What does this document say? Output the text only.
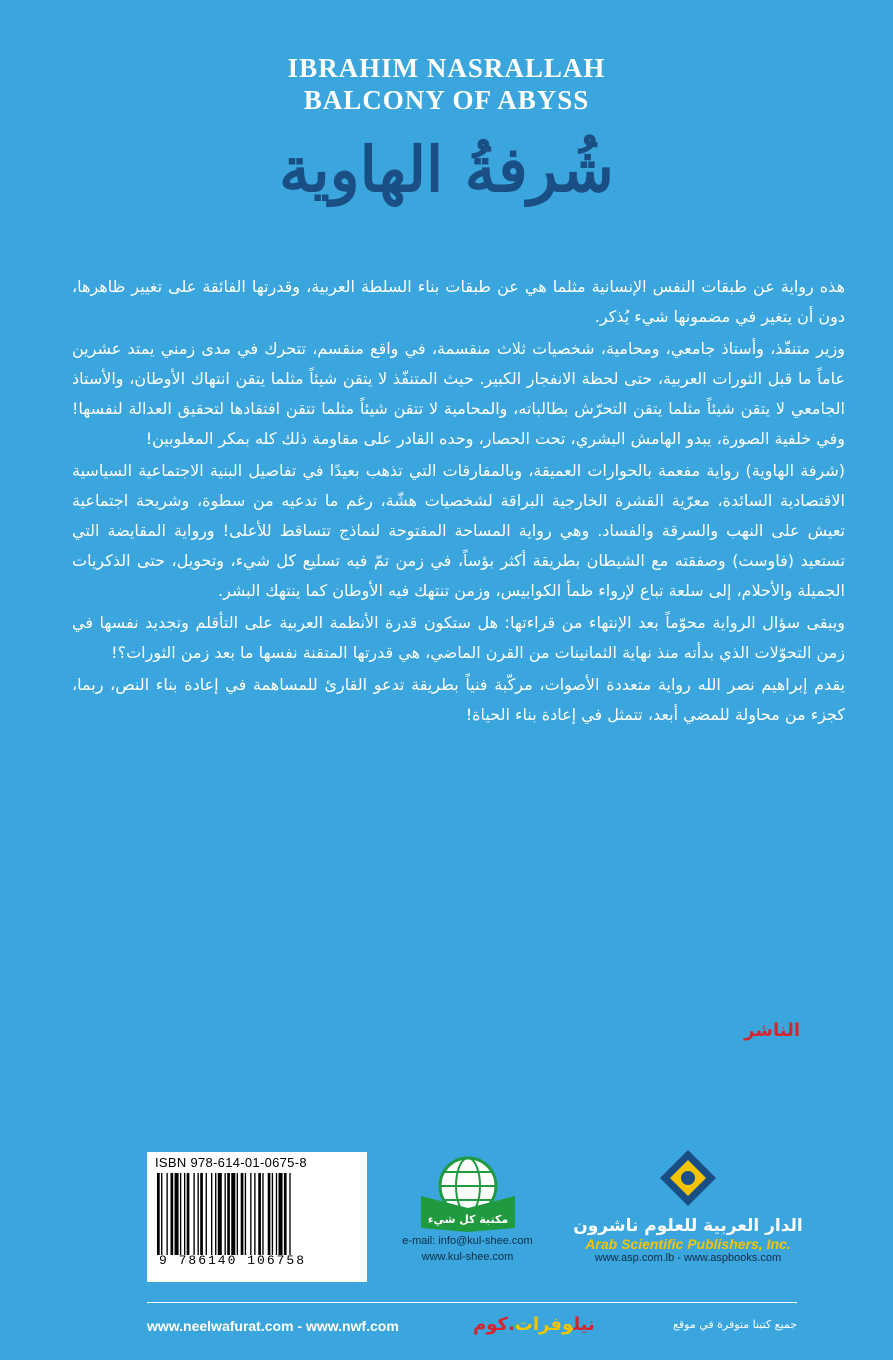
IBRAHIM NASRALLAH
BALCONY OF ABYSS
شُرفةُ الهاوية

هذه رواية عن طبقات النفس الإنسانية مثلما هي عن طبقات بناء السلطة العربية، وقدرتها الفائقة على تغيير ظاهرها، دون أن يتغير في مضمونها شيء يُذكر.

وزير متنفّذ، وأستاذ جامعي، ومحامية، شخصيات ثلاث منقسمة، في واقع منقسم، تتحرك في مدى زمني يمتد عشرين عاماً ما قبل الثورات العربية، حتى لحظة الانفجار الكبير. حيث المتنفّذ لا يتقن شيئاً مثلما يتقن انتهاك الأوطان، والأستاذ الجامعي لا يتقن شيئاً مثلما يتقن التحرّش بطالباته، والمحامية لا تتقن شيئاً مثلما تتقن افتقادها لتحقيق العدالة لنفسها! وفي خلفية الصورة، يبدو الهامش البشري، تحت الحصار، وحده القادر على مقاومة ذلك كله بمكر المغلوبين!

(شرفة الهاوية) رواية مفعمة بالحوارات العميقة، وبالمفارقات التي تذهب بعيدًا في تفاصيل البنية الاجتماعية السياسية الاقتصادية السائدة، معرّية القشرة الخارجية البراقة لشخصيات هشّة، رغم ما تدعيه من سطوة، وشريحة اجتماعية تعيش على النهب والسرقة والفساد. وهي رواية المساحة المفتوحة لنماذج تتساقط للأعلى! ورواية المقايضة التي تستعيد (فاوست) وصفقته مع الشيطان بطريقة أكثر بؤساً، في زمن تمّ فيه تسليع كل شيء، وتحويل، حتى الذكريات الجميلة والأحلام، إلى سلعة تباع لإرواء ظمأ الكوابيس، وزمن تنتهك فيه الأوطان كما ينتهك البشر.

ويبقى سؤال الرواية محوّماً بعد الإنتهاء من قراءتها: هل ستكون قدرة الأنظمة العربية على التأقلم وتجديد نفسها في زمن التحوّلات الذي بدأته منذ نهاية الثمانينات من القرن الماضي، هي قدرتها المتقنة نفسها ما بعد زمن الثورات؟!

يقدم إبراهيم نصر الله رواية متعددة الأصوات، مركّبة فنياً بطريقة تدعو القارئ للمساهمة في إعادة بناء النص، ربما، كجزء من محاولة للمضي أبعد، تتمثل في إعادة بناء الحياة!

الناشر
ISBN 978-614-01-0675-8
9 786140 106758
مكتبة كل شيء
e-mail: info@kul-shee.com
www.kul-shee.com
الدار العربية للعلوم ناشرون
Arab Scientific Publishers, Inc.
www.asp.com.lb - www.aspbooks.com
www.neelwafurat.com - www.nwf.com	نيلوفرات.كوم	جميع كتبنا متوفرة في موقع
